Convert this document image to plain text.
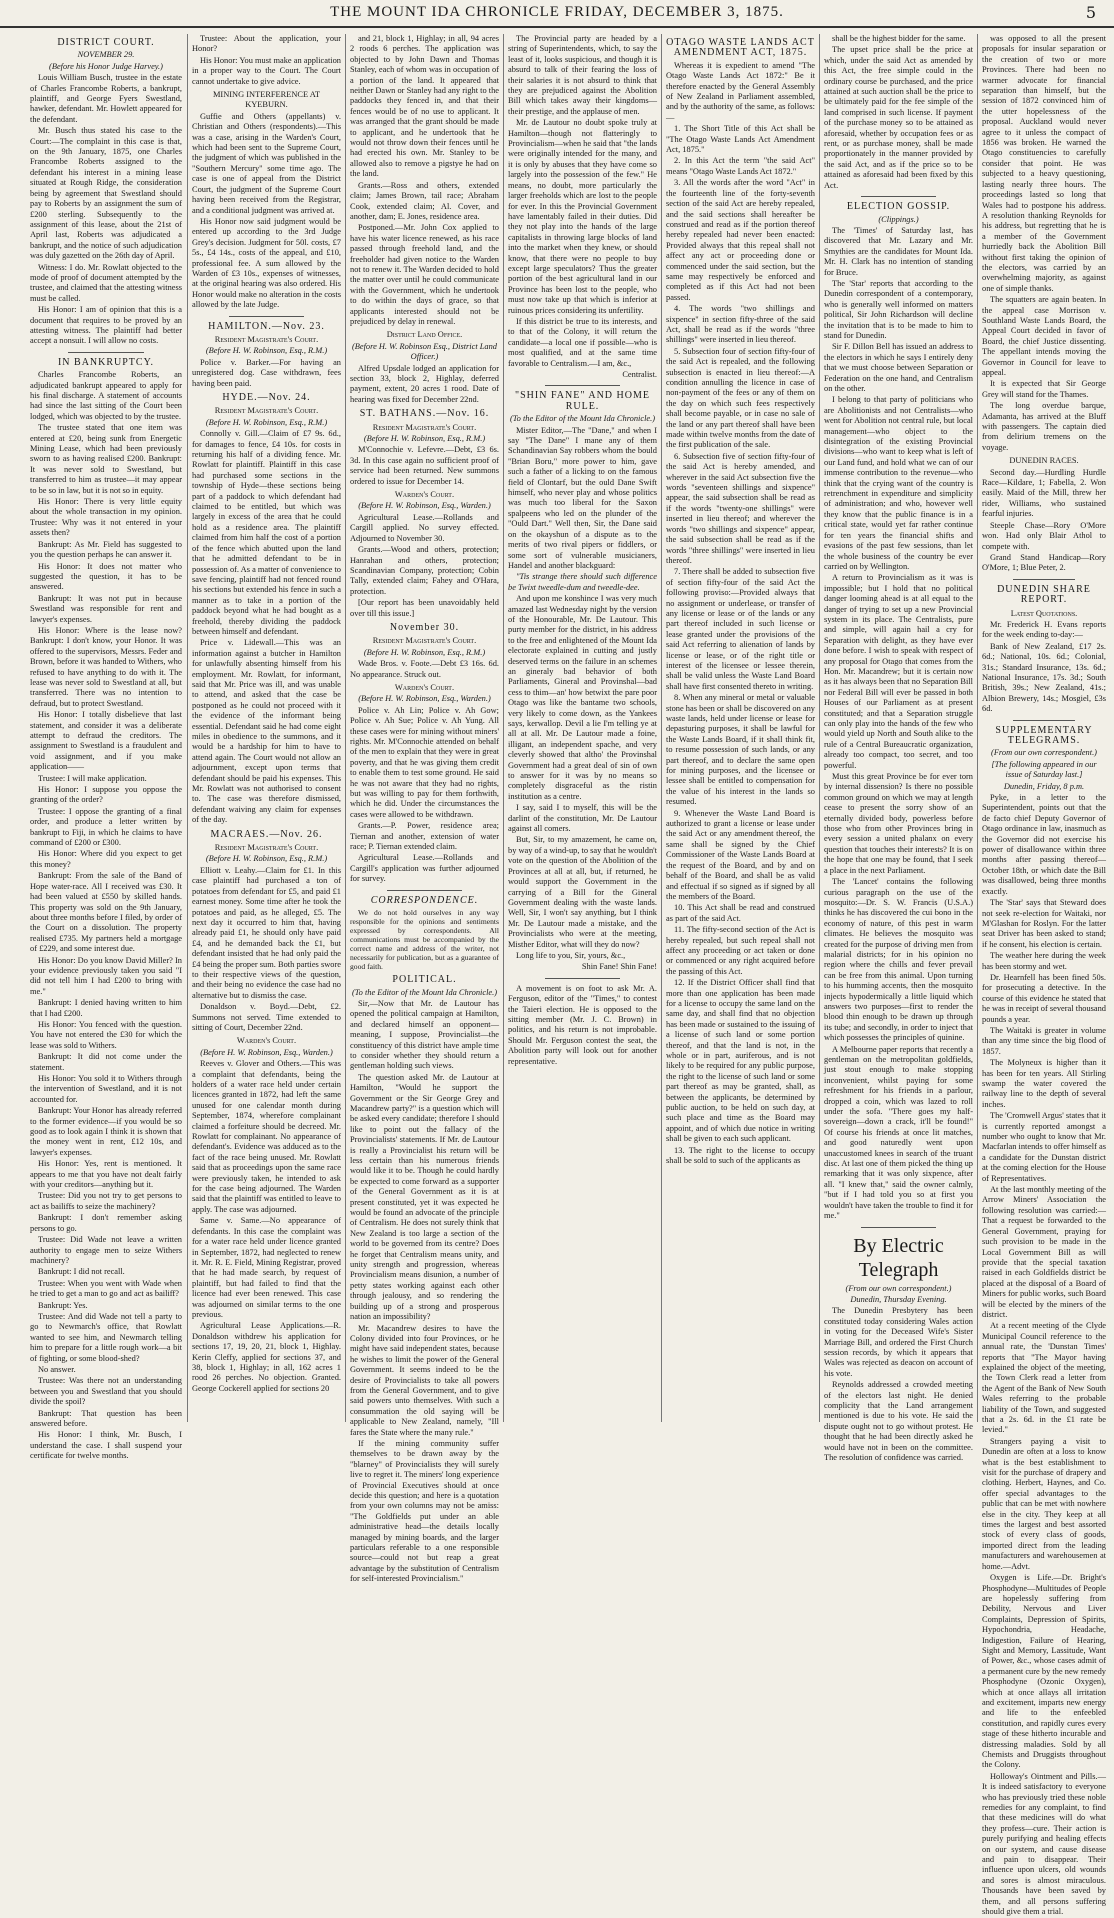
THE MOUNT IDA CHRONICLE FRIDAY, DECEMBER 3, 1875.	5

DISTRICT COURT.

NOVEMBER 29.

(Before his Honor Judge Harvey.)

Louis William Busch, trustee in the estate of Charles Francombe Roberts, a bankrupt, plaintiff, and George Fyers Swestland, hawker, defendant. Mr. Howlett appeared for the defendant.

Mr. Busch thus stated his case to the Court:—The complaint in this case is that, on the 9th January, 1875, one Charles Francombe Roberts assigned to the defendant his interest in a mining lease situated at Rough Ridge, the consideration being by agreement that Swestland should pay to Roberts by an assignment the sum of £200 sterling. Subsequently to the assignment of this lease, about the 21st of April last, Roberts was adjudicated a bankrupt, and the notice of such adjudication was duly gazetted on the 26th day of April.

Witness: I do. Mr. Rowlatt objected to the mode of proof of document attempted by the trustee, and claimed that the attesting witness must be called.

His Honor: I am of opinion that this is a document that requires to be proved by an attesting witness. The plaintiff had better accept a nonsuit. I will allow no costs.

IN BANKRUPTCY.

Charles Francombe Roberts, an adjudicated bankrupt appeared to apply for his final discharge. A statement of accounts had since the last sitting of the Court been lodged, which was objected to by the trustee.

The trustee stated that one item was entered at £20, being sunk from Energetic Mining Lease, which had been previously sworn to as having realised £200. Bankrupt: It was never sold to Swestland, but transferred to him as trustee—it may appear to be so in law, but it is not so in equity.

His Honor: There is very little equity about the whole transaction in my opinion. Trustee: Why was it not entered in your assets then?

Bankrupt: As Mr. Field has suggested to you the question perhaps he can answer it.

His Honor: It does not matter who suggested the question, it has to be answered.

Bankrupt: It was not put in because Swestland was responsible for rent and lawyer's expenses.

His Honor: Where is the lease now? Bankrupt: I don't know, your Honor. It was offered to the supervisors, Messrs. Feder and Brown, before it was handed to Withers, who refused to have anything to do with it. The lease was never sold to Swestland at all, but transferred. There was no intention to defraud, but to protect Swestland.

His Honor: I totally disbelieve that last statement, and consider it was a deliberate attempt to defraud the creditors. The assignment to Swestland is a fraudulent and void assignment, and if you make application——

Trustee: I will make application.

His Honor: I suppose you oppose the granting of the order?

Trustee: I oppose the granting of a final order, and produce a letter written by bankrupt to Fiji, in which he claims to have command of £200 or £300.

His Honor: Where did you expect to get this money?

Bankrupt: From the sale of the Band of Hope water-race. All I received was £30. It had been valued at £550 by skilled hands. This property was sold on the 9th January, about three months before I filed, by order of the Court on a dissolution. The property realised £735. My partners held a mortgage of £229, and some interest due.

His Honor: Do you know David Miller? In your evidence previously taken you said "I did not tell him I had £200 to bring with me."

Bankrupt: I denied having written to him that I had £200.

His Honor: You fenced with the question. You have not entered the £30 for which the lease was sold to Withers.

Bankrupt: It did not come under the statement.

His Honor: You sold it to Withers through the intervention of Swestland, and it is not accounted for.

Bankrupt: Your Honor has already referred to the former evidence—if you would be so good as to look again I think it is shown that the money went in rent, £12 10s, and lawyer's expenses.

His Honor: Yes, rent is mentioned. It appears to me that you have not dealt fairly with your creditors—anything but it.

Trustee: Did you not try to get persons to act as bailiffs to seize the machinery?

Bankrupt: I don't remember asking persons to go.

Trustee: Did Wade not leave a written authority to engage men to seize Withers machinery?

Bankrupt: I did not recall.

Trustee: When you went with Wade when he tried to get a man to go and act as bailiff?

Bankrupt: Yes.

Trustee: And did Wade not tell a party to go to Newmarch's office, that Rowlatt wanted to see him, and Newmarch telling him to prepare for a little rough work—a bit of fighting, or some blood-shed?

No answer.

Trustee: Was there not an understanding between you and Swestland that you should divide the spoil?

Bankrupt: That question has been answered before.

His Honor: I think, Mr. Busch, I understand the case. I shall suspend your certificate for twelve months.

Trustee: About the application, your Honor?

His Honor: You must make an application in a proper way to the Court. The Court cannot undertake to give advice.

MINING INTERFERENCE AT KYEBURN.

Guffie and Others (appellants) v. Christian and Others (respondents).—This was a case, arising in the Warden's Court, which had been sent to the Supreme Court, the judgment of which was published in the "Southern Mercury" some time ago. The case is one of appeal from the District Court, the judgment of the Supreme Court having been received from the Registrar, and a conditional judgment was arrived at.

His Honor now said judgment would be entered up according to the 3rd Judge Grey's decision. Judgment for 50l. costs, £7 5s., £4 14s., costs of the appeal, and £10, professional fee. A sum allowed by the Warden of £3 10s., expenses of witnesses, at the original hearing was also ordered. His Honor would make no alteration in the costs allowed by the late Judge.

HAMILTON.—Nov. 23.

Resident Magistrate's Court.

(Before H. W. Robinson, Esq., R.M.)

Police v. Barker.—For having an unregistered dog. Case withdrawn, fees having been paid.

HYDE.—Nov. 24.

Resident Magistrate's Court.

(Before H. W. Robinson, Esq., R.M.)

Connolly v. Gill.—Claim of £7 9s. 6d., for damages to fence, £4 10s. for costs in returning his half of a dividing fence. Mr. Rowlatt for plaintiff. Plaintiff in this case had purchased some sections in the township of Hyde—these sections being part of a paddock to which defendant had claimed to be entitled, but which was largely in excess of the area that he could hold as a residence area. The plaintiff claimed from him half the cost of a portion of the fence which abutted upon the land that he admitted defendant to be in possession of. As a matter of convenience to save fencing, plaintiff had not fenced round his sections but extended his fence in such a manner as to take in a portion of the paddock beyond what he had bought as a freehold, thereby dividing the paddock between himself and defendant.

Price v. Lidewall.—This was an information against a butcher in Hamilton for unlawfully absenting himself from his employment. Mr. Rowlatt, for informant, said that Mr. Price was ill, and was unable to attend, and asked that the case be postponed as he could not proceed with it the evidence of the informant being essential. Defendant said he had come eight miles in obedience to the summons, and it would be a hardship for him to have to attend again. The Court would not allow an adjournment, except upon terms that defendant should be paid his expenses. This Mr. Rowlatt was not authorised to consent to. The case was therefore dismissed, defendant waiving any claim for expenses of the day.

MACRAES.—Nov. 26.

Resident Magistrate's Court.

(Before H. W. Robinson, Esq., R.M.)

Elliott v. Leahy.—Claim for £1. In this case plaintiff had purchased a ton of potatoes from defendant for £5, and paid £1 earnest money. Some time after he took the potatoes and paid, as he alleged, £5. The next day it occurred to him that, having already paid £1, he should only have paid £4, and he demanded back the £1, but defendant insisted that he had only paid the £4 being the proper sum. Both parties swore to their respective views of the question, and their being no evidence the case had no alternative but to dismiss the case.

Donaldson v. Boyd.—Debt, £2. Summons not served. Time extended to sitting of Court, December 22nd.

Warden's Court.

(Before H. W. Robinson, Esq., Warden.)

Reeves v. Glover and Others.—This was a complaint that defendants, being the holders of a water race held under certain licences granted in 1872, had left the same unused for one calendar month during September, 1874, wherefore complainant claimed a forfeiture should be decreed. Mr. Rowlatt for complainant. No appearance of defendant's. Evidence was adduced as to the fact of the race being unused. Mr. Rowlatt said that as proceedings upon the same race were previously taken, he intended to ask for the case being adjourned. The Warden said that the plaintiff was entitled to leave to apply. The case was adjourned.

Same v. Same.—No appearance of defendants. In this case the complaint was for a water race held under licence granted in September, 1872, had neglected to renew it. Mr. R. E. Field, Mining Registrar, proved that he had made search, by request of plaintiff, but had failed to find that the licence had ever been renewed. This case was adjourned on similar terms to the one previous.

Agricultural Lease Applications.—R. Donaldson withdrew his application for sections 17, 19, 20, 21, block 1, Highlay. Kerin Cleffy, applied for sections 37, and 38, block 1, Highlay; in all, 162 acres 1 rood 26 perches. No objection. Granted. George Cockerell applied for sections 20

and 21, block 1, Highlay; in all, 94 acres 2 roods 6 perches. The application was objected to by John Dawn and Thomas Stanley, each of whom was in occupation of a portion of the land. It appeared that neither Dawn or Stanley had any right to the paddocks they fenced in, and that their fences would be of no use to applicant. It was arranged that the grant should be made to applicant, and he undertook that he would not throw down their fences until he had erected his own. Mr. Stanley to be allowed also to remove a pigstye he had on the land.

Grants.—Ross and others, extended claim; James Brown, tail race; Abraham Cook, extended claim; Al. Cover, and another, dam; E. Jones, residence area.

Postponed.—Mr. John Cox applied to have his water licence renewed, as his race passed through freehold land, and the freeholder had given notice to the Warden not to renew it. The Warden decided to hold the matter over until he could communicate with the Government, which he undertook to do within the days of grace, so that applicants interested should not be prejudiced by delay in renewal.

District Land Office.

(Before H. W. Robinson Esq., District Land Officer.)

Alfred Upsdale lodged an application for section 33, block 2, Highlay, deferred payment, extent, 20 acres 1 rood. Date of hearing was fixed for December 22nd.

ST. BATHANS.—Nov. 16.

Resident Magistrate's Court.

(Before H. W. Robinson, Esq., R.M.)

M'Connochie v. Lefevre.—Debt, £3 6s. 3d. In this case again no sufficient proof of service had been returned. New summons ordered to issue for December 14.

Warden's Court.

(Before H. W. Robinson, Esq., Warden.)

Agricultural Lease.—Rollands and Cargill applied. No survey effected. Adjourned to November 30.

Grants.—Wood and others, protection; Hanrahan and others, protection; Scandinavian Company, protection; Cobin Tally, extended claim; Fahey and O'Hara, protection.

[Our report has been unavoidably held over till this issue.]

November 30.

Resident Magistrate's Court.

(Before H. W. Robinson, Esq., R.M.)

Wade Bros. v. Foote.—Debt £3 16s. 6d. No appearance. Struck out.

Warden's Court.

(Before H. W. Robinson, Esq., Warden.)

Police v. Ah Lin; Police v. Ah Gow; Police v. Ah Sue; Police v. Ah Yung. All these cases were for mining without miners' rights. Mr. M'Connochie attended on behalf of the men to explain that they were in great poverty, and that he was giving them credit to enable them to test some ground. He said he was not aware that they had no rights, but was willing to pay for them forthwith, which he did. Under the circumstances the cases were allowed to be withdrawn.

Grants.—P. Power, residence area; Tiernan and another, extension of water race; P. Tiernan extended claim.

Agricultural Lease.—Rollands and Cargill's application was further adjourned for survey.

CORRESPONDENCE.

We do not hold ourselves in any way responsible for the opinions and sentiments expressed by correspondents. All communications must be accompanied by the correct name and address of the writer, not necessarily for publication, but as a guarantee of good faith.

POLITICAL.

(To the Editor of the Mount Ida Chronicle.)

Sir,—Now that Mr. de Lautour has opened the political campaign at Hamilton, and declared himself an opponent—meaning, I suppose, Provincialist—the constituency of this district have ample time to consider whether they should return a gentleman holding such views.

The question asked Mr. de Lautour at Hamilton, "Would he support the Government or the Sir George Grey and Macandrew party?" is a question which will be asked every candidate; therefore I should like to point out the fallacy of the Provincialists' statements. If Mr. de Lautour is really a Provincialist his return will be less certain than his numerous friends would like it to be. Though he could hardly be expected to come forward as a supporter of the General Government as it is at present constituted, yet it was expected he would be found an advocate of the principle of Centralism. He does not surely think that New Zealand is too large a section of the world to be governed from its centre? Does he forget that Centralism means unity, and unity strength and progression, whereas Provincialism means disunion, a number of petty states working against each other through jealousy, and so rendering the building up of a strong and prosperous nation an impossibility?

Mr. Macandrew desires to have the Colony divided into four Provinces, or he might have said independent states, because he wishes to limit the power of the General Government. It seems indeed to be the desire of Provincialists to take all powers from the General Government, and to give said powers unto themselves. With such a consummation the old saying will be applicable to New Zealand, namely, "Ill fares the State where the many rule."

If the mining community suffer themselves to be drawn away by the "blarney" of Provincialists they will surely live to regret it. The miners' long experience of Provincial Executives should at once decide this question; and here is a quotation from your own columns may not be amiss: "The Goldfields put under an able administrative head—the details locally managed by mining boards, and the larger particulars referable to a one responsible source—could not but reap a great advantage by the substitution of Centralism for self-interested Provincialism."

The Provincial party are headed by a string of Superintendents, which, to say the least of it, looks suspicious, and though it is absurd to talk of their fearing the loss of their salaries it is not absurd to think that they are prejudiced against the Abolition Bill which takes away their kingdoms—their prestige, and the applause of men.

Mr. de Lautour no doubt spoke truly at Hamilton—though not flatteringly to Provincialism—when he said that "the lands were originally intended for the many, and it is only by abuses that they have come so largely into the possession of the few." He means, no doubt, more particularly the larger freeholds which are lost to the people for ever. In this the Provincial Government have lamentably failed in their duties. Did they not play into the hands of the large capitalists in throwing large blocks of land into the market when they knew, or should know, that there were no people to buy except large speculators? Thus the greater portion of the best agricultural land in our Province has been lost to the people, who must now take up that which is inferior at ruinous prices considering its unfertility.

If this district be true to its interests, and to that of the Colony, it will return the candidate—a local one if possible—who is most qualified, and at the same time favorable to Centralism.—I am, &c.,

Centralist.

"SHIN FANE" AND HOME RULE.

(To the Editor of the Mount Ida Chronicle.)

Mister Editor,—The "Dane," and when I say "The Dane" I mane any of them Schandinavian Say robbers whom the bould "Brian Boru," more power to him, gave such a father of a licking to on the famous field of Clontarf, but the ould Dane Swift himself, who never play and whose politics was much too liberal for the Saxon spalpeens who led on the plunder of the "Ould Dart." Well then, Sir, the Dane said on the okayshun of a dispute as to the merits of two rival pipers or fiddlers, or some sort of vulnerable musicianers, Handel and another blackguard:

"Tis strange there should such difference be Twixt tweedle-dum and tweedle-dee.

And upon me konshince I was very much amazed last Wednesday night by the version of the Honourable, Mr. De Lautour. This purty member for the district, in his address to the free and enlightened of the Mount Ida electorate explained in cutting and justly deserved terms on the failure in an schemes an gineraly bad behavior of both Parliaments, Gineral and Provinshal—bad cess to thim—an' how betwixt the pare poor Otago was like the bantame two schools, very likely to come down, as the Yankees says, kerwallop. Devil a lie I'm telling ye at all at all. Mr. De Lautour made a foine, illigant, an independent spache, and very cleverly showed that altho' the Provinshal Government had a great deal of sin of own to answer for it was by no means so completely disgraceful as the ristin institution as a centre.

I say, said I to myself, this will be the darlint of the constitution, Mr. De Lautour against all comers.

But, Sir, to my amazement, he came on, by way of a wind-up, to say that he wouldn't vote on the question of the Abolition of the Provinces at all at all, but, if returned, he would support the Government in the carrying of a Bill for the Gineral Government dealing with the waste lands. Well, Sir, I won't say anything, but I think Mr. De Lautour made a mistake, and the Provincialists who were at the meeting, Misther Editor, what will they do now?

Long life to you, Sir, yours, &c.,

Shin Fane! Shin Fane!

A movement is on foot to ask Mr. A. Ferguson, editor of the "Times," to contest the Taieri election. He is opposed to the sitting member (Mr. J. C. Brown) in politics, and his return is not improbable. Should Mr. Ferguson contest the seat, the Abolition party will look out for another representative.

OTAGO WASTE LANDS ACT AMENDMENT ACT, 1875.

Whereas it is expedient to amend "The Otago Waste Lands Act 1872:" Be it therefore enacted by the General Assembly of New Zealand in Parliament assembled, and by the authority of the same, as follows:—

1. The Short Title of this Act shall be "The Otago Waste Lands Act Amendment Act, 1875."

2. In this Act the term "the said Act" means "Otago Waste Lands Act 1872."

3. All the words after the word "Act" in the fourteenth line of the forty-seventh section of the said Act are hereby repealed, and the said sections shall hereafter be construed and read as if the portion thereof hereby repealed had never been enacted: Provided always that this repeal shall not affect any act or proceeding done or commenced under the said section, but the same may respectively be enforced and completed as if this Act had not been passed.

4. The words "two shillings and sixpence" in section fifty-three of the said Act, shall be read as if the words "three shillings" were inserted in lieu thereof.

5. Subsection four of section fifty-four of the said Act is repealed, and the following subsection is enacted in lieu thereof:—A condition annulling the licence in case of non-payment of the fees or any of them on the day on which such fees respectively shall become payable, or in case no sale of the land or any part thereof shall have been made within twelve months from the date of the first publication of the sale.

6. Subsection five of section fifty-four of the said Act is hereby amended, and wherever in the said Act subsection five the words "seventeen shillings and sixpence" appear, the said subsection shall be read as if the words "twenty-one shillings" were inserted in lieu thereof; and wherever the words "two shillings and sixpence" appear, the said subsection shall be read as if the words "three shillings" were inserted in lieu thereof.

7. There shall be added to subsection five of section fifty-four of the said Act the following proviso:—Provided always that no assignment or underlease, or transfer of any license or lease or of the lands or any part thereof included in such license or lease granted under the provisions of the said Act referring to alienation of lands by license or lease, or of the right title or interest of the licensee or lessee therein, shall be valid unless the Waste Land Board shall have first consented thereto in writing.

8. When any mineral or metal or valuable stone has been or shall be discovered on any waste lands, held under license or lease for depasturing purposes, it shall be lawful for the Waste Lands Board, if it shall think fit, to resume possession of such lands, or any part thereof, and to declare the same open for mining purposes, and the licensee or lessee shall be entitled to compensation for the value of his interest in the lands so resumed.

9. Whenever the Waste Land Board is authorized to grant a license or lease under the said Act or any amendment thereof, the same shall be signed by the Chief Commissioner of the Waste Lands Board at the request of the Board, and by and on behalf of the Board, and shall be as valid and effectual if so signed as if signed by all the members of the Board.

10. This Act shall be read and construed as part of the said Act.

11. The fifty-second section of the Act is hereby repealed, but such repeal shall not affect any proceeding or act taken or done or commenced or any right acquired before the passing of this Act.

12. If the District Officer shall find that more than one application has been made for a license to occupy the same land on the same day, and shall find that no objection has been made or sustained to the issuing of a license of such land or some portion thereof, and that the land is not, in the whole or in part, auriferous, and is not likely to be required for any public purpose, the right to the license of such land or some part thereof as may be granted, shall, as between the applicants, be determined by public auction, to be held on such day, at such place and time as the Board may appoint, and of which due notice in writing shall be given to each such applicant.

13. The right to the license to occupy shall be sold to such of the applicants as

shall be the highest bidder for the same.

The upset price shall be the price at which, under the said Act as amended by this Act, the free simple could in the ordinary course be purchased, and the price attained at such auction shall be the price to be ultimately paid for the fee simple of the land comprised in such license. If payment of the purchase money so to be attained as aforesaid, whether by occupation fees or as rent, or as purchase money, shall be made proportionately in the manner provided by the said Act, and as if the price so to be attained as aforesaid had been fixed by this Act.

ELECTION GOSSIP.

(Clippings.)

The 'Times' of Saturday last, has discovered that Mr. Lazary and Mr. Smythies are the candidates for Mount Ida. Mr. H. Clark has no intention of standing for Bruce.

The 'Star' reports that according to the Dunedin correspondent of a contemporary, who is generally well informed on matters political, Sir John Richardson will decline the invitation that is to be made to him to stand for Dunedin.

Sir F. Dillon Bell has issued an address to the electors in which he says I entirely deny that we must choose between Separation or Federation on the one hand, and Centralism on the other.

I belong to that party of politicians who are Abolitionists and not Centralists—who went for Abolition not central rule, but local management—who object to the disintegration of the existing Provincial divisions—who want to keep what is left of our Land fund, and hold what we can of our immense contribution to the revenue—who think that the crying want of the country is retrenchment in expenditure and simplicity of administration; and who, however well they know that the public finance is in a critical state, would yet far rather continue for ten years the financial shifts and evasions of the past few sessions, than let the whole business of the country be ever carried on by Wellington.

A return to Provincialism as it was is impossible; but I hold that no political danger looming ahead is at all equal to the danger of trying to set up a new Provincial system in its place. The Centralists, pure and simple, will again hail a cry for Separation with delight, as they have ever done before. I wish to speak with respect of any proposal for Otago that comes from the Hon. Mr. Macandrew; but it is certain now as it has always been that no Separation Bill nor Federal Bill will ever be passed in both Houses of our Parliament as at present constituted; and that a Separation struggle can only play into the hands of the few who would yield up North and South alike to the rule of a Central Bureaucratic organization, already too compact, too secret, and too powerful.

Must this great Province be for ever torn by internal dissension? Is there no possible common ground on which we may at length cease to present the sorry show of an eternally divided body, powerless before those who from other Provinces bring in every session a united phalanx on every question that touches their interests? It is on the hope that one may be found, that I seek a place in the next Parliament.

The 'Lancet' contains the following curious paragraph on the use of the mosquito:—Dr. S. W. Francis (U.S.A.) thinks he has discovered the cui bono in the economy of nature, of this pest in warm climates. He believes the mosquito was created for the purpose of driving men from malarial districts; for in his opinion no region where the chills and fever prevail can be free from this animal. Upon turning to his humming accents, then the mosquito injects hypodermically a little liquid which answers two purposes—first to render the blood thin enough to be drawn up through its tube; and secondly, in order to inject that which possesses the principles of quinine.

A Melbourne paper reports that recently a gentleman on the metropolitan goldfields, just stout enough to make stopping inconvenient, whilst paying for some refreshment for his friends in a parlour, dropped a coin, which was lazed to roll under the sofa. "There goes my half-sovereign—down a crack, it'll be found!" Of course his friends at once lit matches, and good naturedly went upon unaccustomed knees in search of the truant disc. At last one of them picked the thing up remarking that it was only sixpence, after all. "I knew that," said the owner calmly, "but if I had told you so at first you wouldn't have taken the trouble to find it for me."

By Electric Telegraph

(From our own correspondent.)

Dunedin, Thursday Evening.

The Dunedin Presbytery has been constituted today considering Wales action in voting for the Deceased Wife's Sister Marriage Bill, and ordered the First Church session records, by which it appears that Wales was rejected as deacon on account of his vote.

Reynolds addressed a crowded meeting of the electors last night. He denied complicity that the Land arrangement mentioned is due to his vote. He said the dispute ought not to go without protest. He thought that he had been directly asked he would have not in been on the committee. The resolution of confidence was carried.

was opposed to all the present proposals for insular separation or the creation of two or more Provinces. There had been no warmer advocate for financial separation than himself, but the session of 1872 convinced him of the utter hopelessness of the proposal. Auckland would never agree to it unless the compact of 1856 was broken. He warned the Otago constituencies to carefully consider that point. He was subjected to a heavy questioning, lasting nearly three hours. The proceedings lasted so long that Wales had to postpone his address. A resolution thanking Reynolds for his address, but regretting that he is a member of the Government hurriedly back the Abolition Bill without first taking the opinion of the electors, was carried by an overwhelming majority, as against one of simple thanks.

The squatters are again beaten. In the appeal case Morrison v. Southland Waste Lands Board, the Appeal Court decided in favor of Board, the chief Justice dissenting. The appellant intends moving the Governor in Council for leave to appeal.

It is expected that Sir George Grey will stand for the Thames.

The long overdue barque, Adamanta, has arrived at the Bluff with passengers. The captain died from delirium tremens on the voyage.

DUNEDIN RACES.

Second day.—Hurdling Hurdle Race—Kildare, 1; Fabella, 2. Won easily. Maid of the Mill, threw her rider, Williams, who sustained fearful injuries.

Steeple Chase—Rory O'More won. Had only Blair Athol to compete with.

Grand Stand Handicap—Rory O'More, 1; Blue Peter, 2.

DUNEDIN SHARE REPORT.

Latest Quotations.

Mr. Frederick H. Evans reports for the week ending to-day:—

Bank of New Zealand, £17 2s. 6d.; National, 10s. 6d.; Colonial, 31s.; Standard Insurance, 13s. 6d.; National Insurance, 17s. 3d.; South British, 39s.; New Zealand, 41s.; Albion Brewery, 14s.; Mosgiel, £3s 6d.

SUPPLEMENTARY TELEGRAMS.

(From our own correspondent.)

[The following appeared in our issue of Saturday last.]

Dunedin, Friday, 8 p.m.

Pyke, in a letter to the Superintendent, points out that the de facto chief Deputy Governor of Otago ordinance in law, inasmuch as the Governor did not exercise his power of disallowance within three months after passing thereof—October 18th, or which date the Bill was disallowed, being three months exactly.

The 'Star' says that Steward does not seek re-election for Waitaki, nor M'Glashan for Roslyn. For the latter seat Driver has been asked to stand; if he consent, his election is certain.

The weather here during the week has been stormy and wet.

Dr. Hearnfell has been fined 50s. for prosecuting a detective. In the course of this evidence he stated that he was in receipt of several thousand pounds a year.

The Waitaki is greater in volume than any time since the big flood of 1857.

The Molyneux is higher than it has been for ten years. All Stirling swamp the water covered the railway line to the depth of several inches.

The 'Cromwell Argus' states that it is currently reported amongst a number who ought to know that Mr. Macfarlan intends to offer himself as a candidate for the Dunstan district at the coming election for the House of Representatives.

At the last monthly meeting of the Arrow Miners' Association the following resolution was carried:—That a request be forwarded to the General Government, praying for such provision to be made in the Local Government Bill as will provide that the special taxation raised in each Goldfields district be placed at the disposal of a Board of Miners for public works, such Board will be elected by the miners of the district.

At a recent meeting of the Clyde Municipal Council reference to the annual rate, the 'Dunstan Times' reports that "The Mayor having explained the object of the meeting, the Town Clerk read a letter from the Agent of the Bank of New South Wales referring to the probable liability of the Town, and suggested that a 2s. 6d. in the £1 rate be levied."

Strangers paying a visit to Dunedin are often at a loss to know what is the best establishment to visit for the purchase of drapery and clothing. Herbert, Haynes, and Co. offer special advantages to the public that can be met with nowhere else in the city. They keep at all times the largest and best assorted stock of every class of goods, imported direct from the leading manufacturers and warehousemen at home.—Advt.

Oxygen is Life.—Dr. Bright's Phosphodyne—Multitudes of People are hopelessly suffering from Debility, Nervous and Liver Complaints, Depression of Spirits, Hypochondria, Headache, Indigestion, Failure of Hearing, Sight and Memory, Lassitude, Want of Power, &c., whose cases admit of a permanent cure by the new remedy Phosphodyne (Ozonic Oxygen), which at once allays all irritation and excitement, imparts new energy and life to the enfeebled constitution, and rapidly cures every stage of these hitherto incurable and distressing maladies. Sold by all Chemists and Druggists throughout the Colony.

Holloway's Ointment and Pills.—It is indeed satisfactory to everyone who has previously tried these noble remedies for any complaint, to find that these medicines will do what they profess—cure. Their action is purely purifying and healing effects on our system, and cause disease and pain to disappear. Their influence upon ulcers, old wounds and sores is almost miraculous. Thousands have been saved by them, and all persons suffering should give them a trial.
